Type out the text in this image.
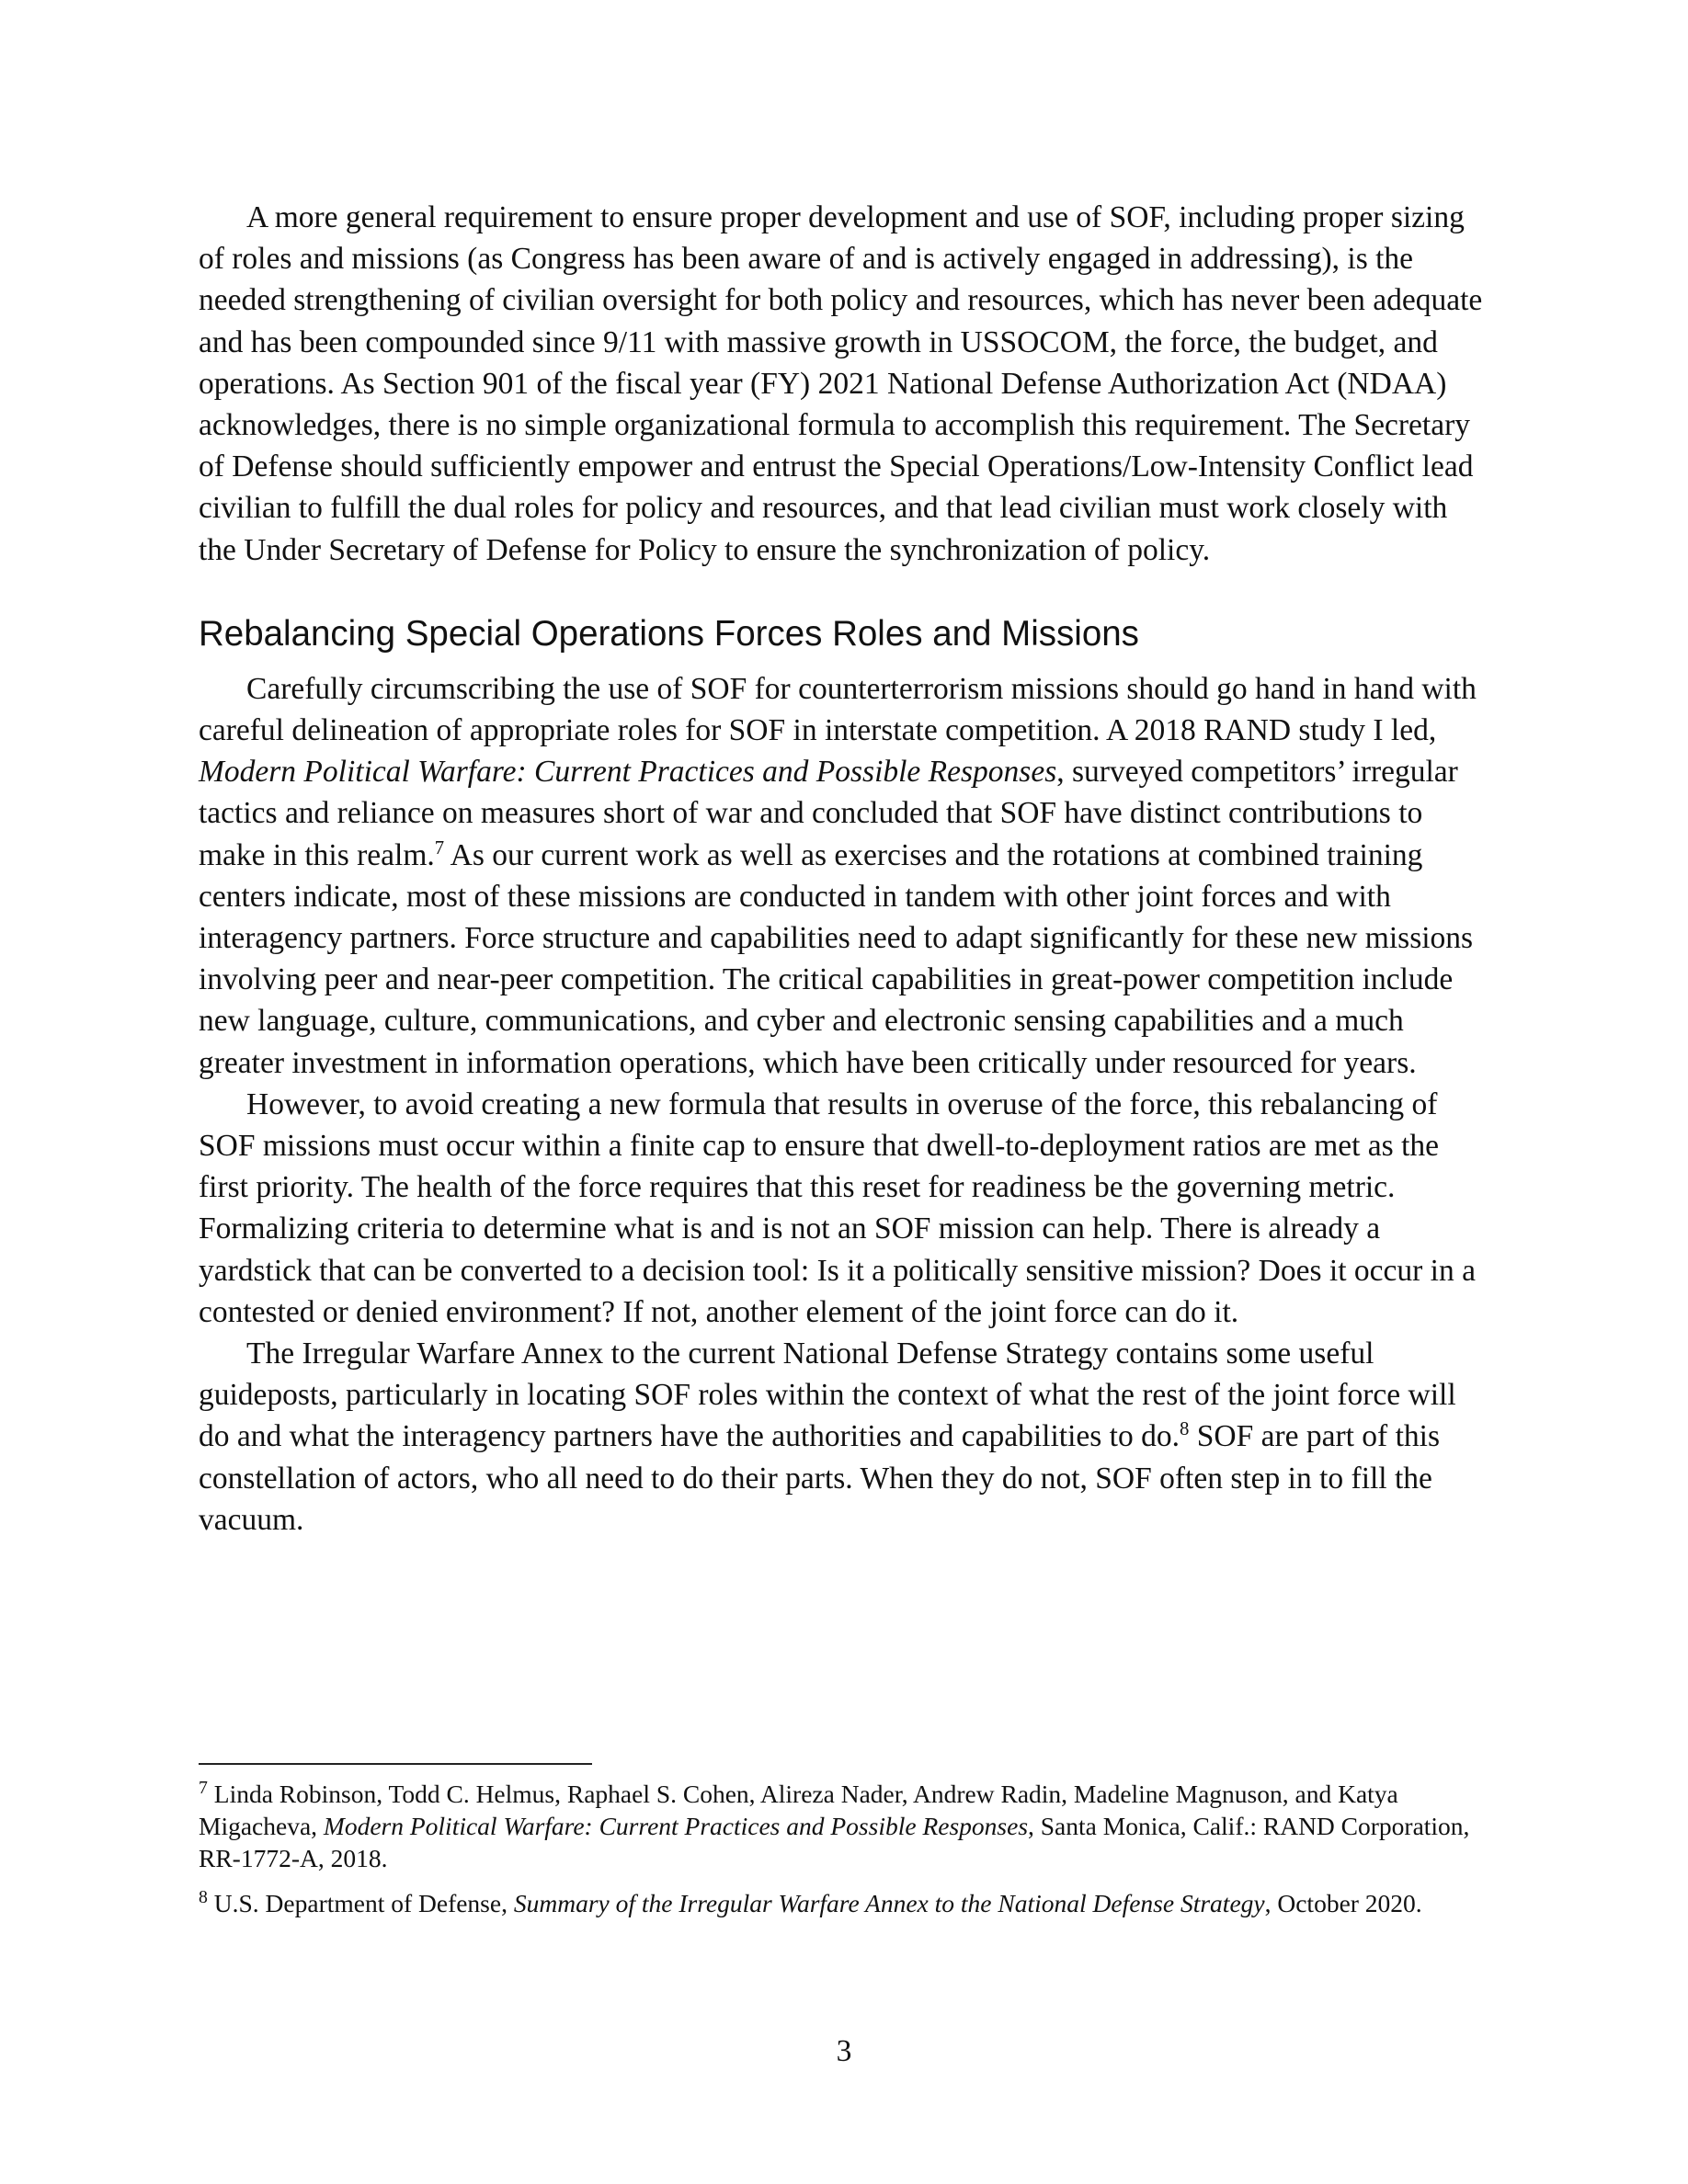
A more general requirement to ensure proper development and use of SOF, including proper sizing of roles and missions (as Congress has been aware of and is actively engaged in addressing), is the needed strengthening of civilian oversight for both policy and resources, which has never been adequate and has been compounded since 9/11 with massive growth in USSOCOM, the force, the budget, and operations. As Section 901 of the fiscal year (FY) 2021 National Defense Authorization Act (NDAA) acknowledges, there is no simple organizational formula to accomplish this requirement. The Secretary of Defense should sufficiently empower and entrust the Special Operations/Low-Intensity Conflict lead civilian to fulfill the dual roles for policy and resources, and that lead civilian must work closely with the Under Secretary of Defense for Policy to ensure the synchronization of policy.

Rebalancing Special Operations Forces Roles and Missions

Carefully circumscribing the use of SOF for counterterrorism missions should go hand in hand with careful delineation of appropriate roles for SOF in interstate competition. A 2018 RAND study I led, Modern Political Warfare: Current Practices and Possible Responses, surveyed competitors’ irregular tactics and reliance on measures short of war and concluded that SOF have distinct contributions to make in this realm.$^7$ As our current work as well as exercises and the rotations at combined training centers indicate, most of these missions are conducted in tandem with other joint forces and with interagency partners. Force structure and capabilities need to adapt significantly for these new missions involving peer and near-peer competition. The critical capabilities in great-power competition include new language, culture, communications, and cyber and electronic sensing capabilities and a much greater investment in information operations, which have been critically under resourced for years.

However, to avoid creating a new formula that results in overuse of the force, this rebalancing of SOF missions must occur within a finite cap to ensure that dwell-to-deployment ratios are met as the first priority. The health of the force requires that this reset for readiness be the governing metric. Formalizing criteria to determine what is and is not an SOF mission can help. There is already a yardstick that can be converted to a decision tool: Is it a politically sensitive mission? Does it occur in a contested or denied environment? If not, another element of the joint force can do it.

The Irregular Warfare Annex to the current National Defense Strategy contains some useful guideposts, particularly in locating SOF roles within the context of what the rest of the joint force will do and what the interagency partners have the authorities and capabilities to do.$^8$ SOF are part of this constellation of actors, who all need to do their parts. When they do not, SOF often step in to fill the vacuum.

$^7$ Linda Robinson, Todd C. Helmus, Raphael S. Cohen, Alireza Nader, Andrew Radin, Madeline Magnuson, and Katya Migacheva, Modern Political Warfare: Current Practices and Possible Responses, Santa Monica, Calif.: RAND Corporation, RR-1772-A, 2018.

$^8$ U.S. Department of Defense, Summary of the Irregular Warfare Annex to the National Defense Strategy, October 2020.

3
